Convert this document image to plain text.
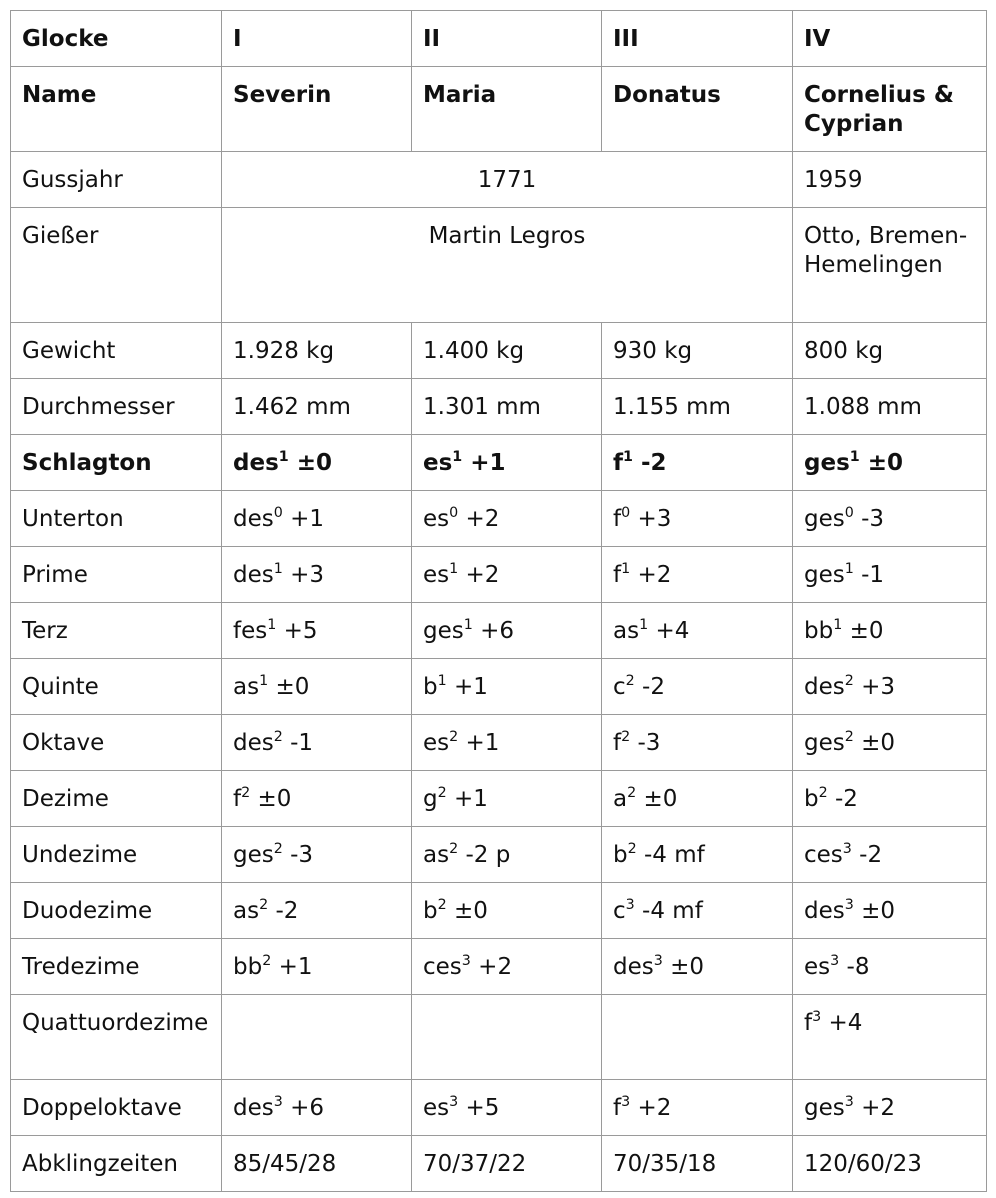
Glocke	I	II	III	IV
Name	Severin	Maria	Donatus	Cornelius & Cyprian
Gussjahr	1771			1959
Gießer	Martin Legros			Otto, Bremen-Hemelingen
Gewicht	1.928 kg	1.400 kg	930 kg	800 kg
Durchmesser	1.462 mm	1.301 mm	1.155 mm	1.088 mm
Schlagton	des$^1$ ±0	$es^1 +1$	$f^1$ -2	ges$^1$ ±0
Unterton	des$^0$ +1	$es^0 +2$	$f^0 +3$	ges$^0$ -3
Prime	des$^1$ +3	$es^1 +2$	$f^1 +2$	ges$^1$ -1
Terz	fes$^1$ +5	ges$^1$ +6	$as^1 +4$	$bb^1 \pm 0$
Quinte	$as^1 \pm 0$	$b^1 +1$	$c^2$ -2	des$^2$ +3
Oktave	des$^2$ -1	$es^2 +1$	$f^2$ -3	ges$^2$ ±0
Dezime	$f^2 \pm 0$	$g^2 +1$	$a^2 \pm 0$	$b^2$ -2
Undezime	ges$^2$ -3	$as^2$ -2 p	$b^2$ -4 mf	ces$^3$ -2
Duodezime	$as^2$ -2	$b^2 \pm 0$	$c^3$ -4 mf	des$^3$ ±0
Tredezime	$bb^2 +1$	ces$^3$ +2	des$^3$ ±0	$es^3$ -8
Quattuordezime				$f^3 +4$
Doppeloktave	des$^3$ +6	$es^3 +5$	$f^3 +2$	ges$^3$ +2
Abklingzeiten	85/45/28	70/37/22	70/35/18	120/60/23
